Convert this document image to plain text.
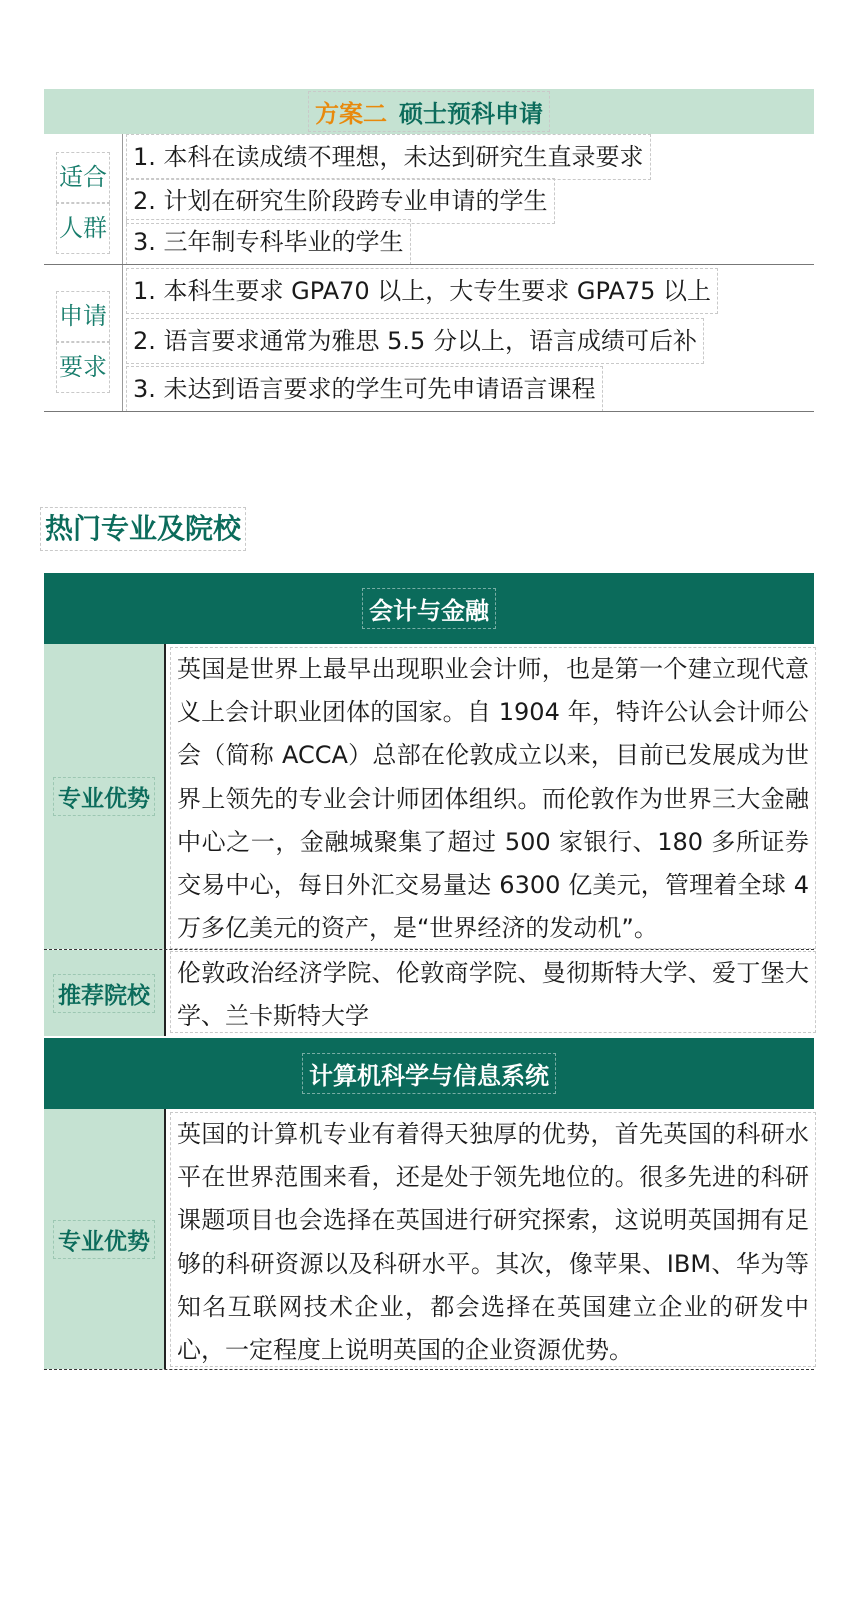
方案二 硕士预科申请
适合
人群
1. 本科在读成绩不理想，未达到研究生直录要求
2. 计划在研究生阶段跨专业申请的学生
3. 三年制专科毕业的学生
申请
要求
1. 本科生要求 GPA70 以上，大专生要求 GPA75 以上
2. 语言要求通常为雅思 5.5 分以上，语言成绩可后补
3. 未达到语言要求的学生可先申请语言课程
热门专业及院校
会计与金融
专业优势
英国是世界上最早出现职业会计师，也是第一个建立现代意义上会计职业团体的国家。自 1904 年，特许公认会计师公会（简称 ACCA）总部在伦敦成立以来，目前已发展成为世界上领先的专业会计师团体组织。而伦敦作为世界三大金融中心之一，金融城聚集了超过 500 家银行、180 多所证券交易中心，每日外汇交易量达 6300 亿美元，管理着全球 4 万多亿美元的资产，是“世界经济的发动机”。
推荐院校
伦敦政治经济学院、伦敦商学院、曼彻斯特大学、爱丁堡大学、兰卡斯特大学
计算机科学与信息系统
专业优势
英国的计算机专业有着得天独厚的优势，首先英国的科研水平在世界范围来看，还是处于领先地位的。很多先进的科研课题项目也会选择在英国进行研究探索，这说明英国拥有足够的科研资源以及科研水平。其次，像苹果、IBM、华为等知名互联网技术企业，都会选择在英国建立企业的研发中心，一定程度上说明英国的企业资源优势。
